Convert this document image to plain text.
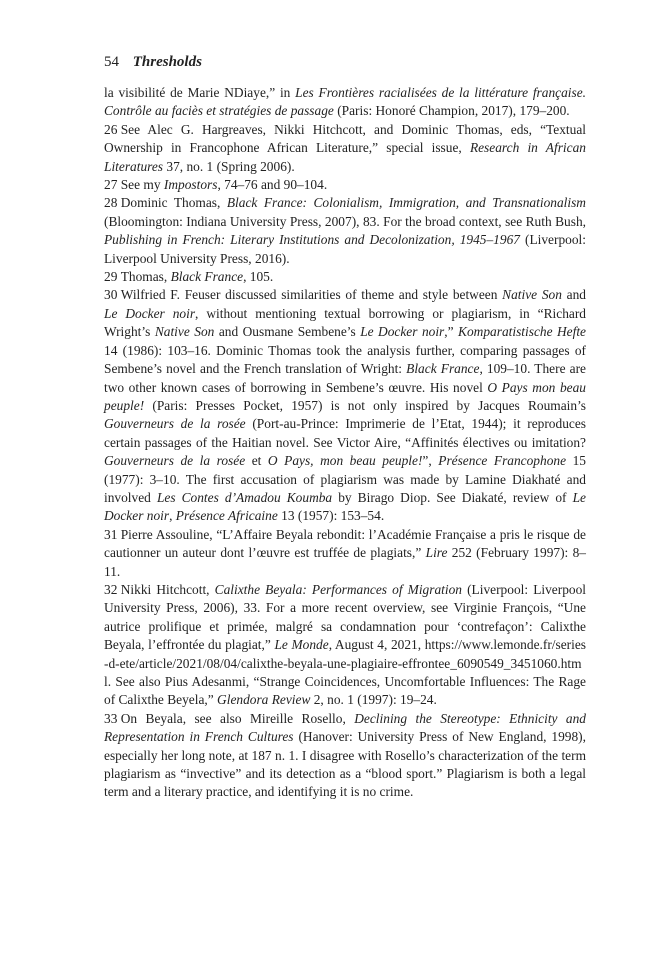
54 Thresholds

la visibilité de Marie NDiaye,” in Les Frontières racialisées de la littérature française. Contrôle au faciès et stratégies de passage (Paris: Honoré Champion, 2017), 179–200.

26 See Alec G. Hargreaves, Nikki Hitchcott, and Dominic Thomas, eds, “Textual Ownership in Francophone African Literature,” special issue, Research in African Literatures 37, no. 1 (Spring 2006).

27 See my Impostors, 74–76 and 90–104.

28 Dominic Thomas, Black France: Colonialism, Immigration, and Transnationalism (Bloomington: Indiana University Press, 2007), 83. For the broad context, see Ruth Bush, Publishing in French: Literary Institutions and Decolonization, 1945–1967 (Liverpool: Liverpool University Press, 2016).

29 Thomas, Black France, 105.

30 Wilfried F. Feuser discussed similarities of theme and style between Native Son and Le Docker noir, without mentioning textual borrowing or plagiarism, in “Richard Wright’s Native Son and Ousmane Sembene’s Le Docker noir,” Komparatistische Hefte 14 (1986): 103–16. Dominic Thomas took the analysis further, comparing passages of Sembene’s novel and the French translation of Wright: Black France, 109–10. There are two other known cases of borrowing in Sembene’s œuvre. His novel O Pays mon beau peuple! (Paris: Presses Pocket, 1957) is not only inspired by Jacques Roumain’s Gouverneurs de la rosée (Port-au-Prince: Imprimerie de l’Etat, 1944); it reproduces certain passages of the Haitian novel. See Victor Aire, “Affinités électives ou imitation? Gouverneurs de la rosée et O Pays, mon beau peuple!”, Présence Francophone 15 (1977): 3–10. The first accusation of plagiarism was made by Lamine Diakhaté and involved Les Contes d’Amadou Koumba by Birago Diop. See Diakaté, review of Le Docker noir, Présence Africaine 13 (1957): 153–54.

31 Pierre Assouline, “L’Affaire Beyala rebondit: l’Académie Française a pris le risque de cautionner un auteur dont l’œuvre est truffée de plagiats,” Lire 252 (February 1997): 8–11.

32 Nikki Hitchcott, Calixthe Beyala: Performances of Migration (Liverpool: Liverpool University Press, 2006), 33. For a more recent overview, see Virginie François, “Une autrice prolifique et primée, malgré sa condamnation pour ‘contrefaçon’: Calixthe Beyala, l’effrontée du plagiat,” Le Monde, August 4, 2021, https://www.lemonde.fr/series-d-ete/article/2021/08/04/calixthe-beyala-une-plagiaire-effrontee_6090549_3451060.html. See also Pius Adesanmi, “Strange Coincidences, Uncomfortable Influences: The Rage of Calixthe Beyela,” Glendora Review 2, no. 1 (1997): 19–24.

33 On Beyala, see also Mireille Rosello, Declining the Stereotype: Ethnicity and Representation in French Cultures (Hanover: University Press of New England, 1998), especially her long note, at 187 n. 1. I disagree with Rosello’s characterization of the term plagiarism as “invective” and its detection as a “blood sport.” Plagiarism is both a legal term and a literary practice, and identifying it is no crime.
